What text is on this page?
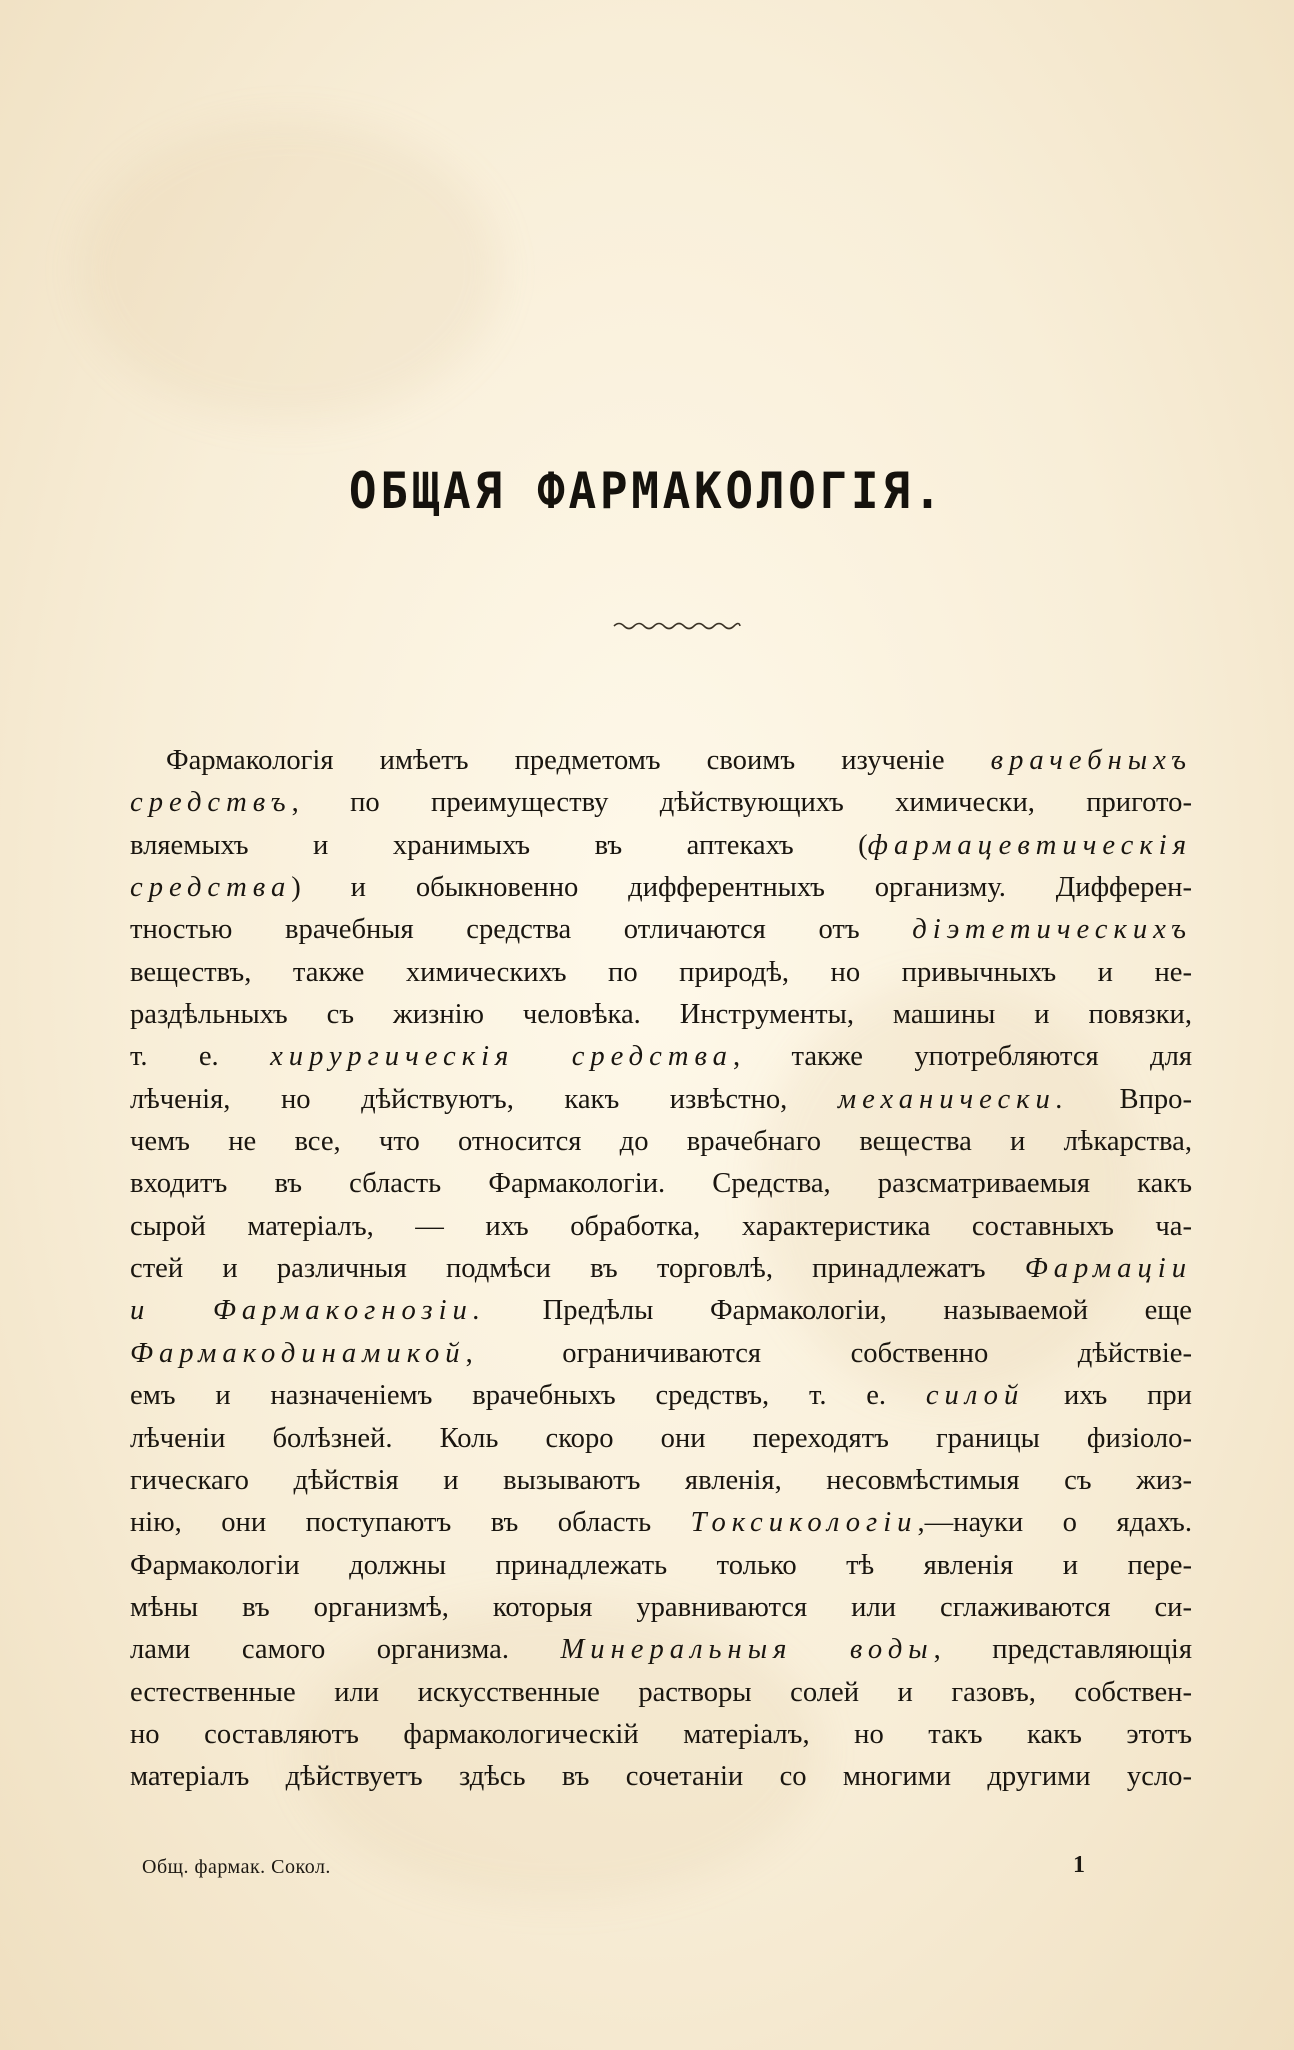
ОБЩАЯ ФАРМАКОЛОГІЯ.
Фармакологія имѣетъ предметомъ своимъ изученіе врачебныхъ
средствъ, по преимуществу дѣйствующихъ химически, пригото-
вляемыхъ и хранимыхъ въ аптекахъ (фармацевтическія
средства) и обыкновенно дифферентныхъ организму. Дифферен-
тностью врачебныя средства отличаются отъ діэтетическихъ
веществъ, также химическихъ по природѣ, но привычныхъ и не-
раздѣльныхъ съ жизнію человѣка. Инструменты, машины и повязки,
т. е. хирургическія средства, также употребляются для
лѣченія, но дѣйствуютъ, какъ извѣстно, механически. Впро-
чемъ не все, что относится до врачебнаго вещества и лѣкарства,
входитъ въ сбласть Фармакологіи. Средства, разсматриваемыя какъ
сырой матеріалъ, — ихъ обработка, характеристика составныхъ ча-
стей и различныя подмѣси въ торговлѣ, принадлежатъ Фармаціи
и Фармакогнозіи. Предѣлы Фармакологіи, называемой еще
Фармакодинамикой, ограничиваются собственно дѣйствіе-
емъ и назначеніемъ врачебныхъ средствъ, т. е. силой ихъ при
лѣченіи болѣзней. Коль скоро они переходятъ границы физіоло-
гическаго дѣйствія и вызываютъ явленія, несовмѣстимыя съ жиз-
нію, они поступаютъ въ область Токсикологіи,—науки о ядахъ.
Фармакологіи должны принадлежать только тѣ явленія и пере-
мѣны въ организмѣ, которыя уравниваются или сглаживаются си-
лами самого организма. Минеральныя воды, представляющія
естественные или искусственные растворы солей и газовъ, собствен-
но составляютъ фармакологическій матеріалъ, но такъ какъ этотъ
матеріалъ дѣйствуетъ здѣсь въ сочетаніи со многими другими усло-
Общ. фармак. Сокол.	1
